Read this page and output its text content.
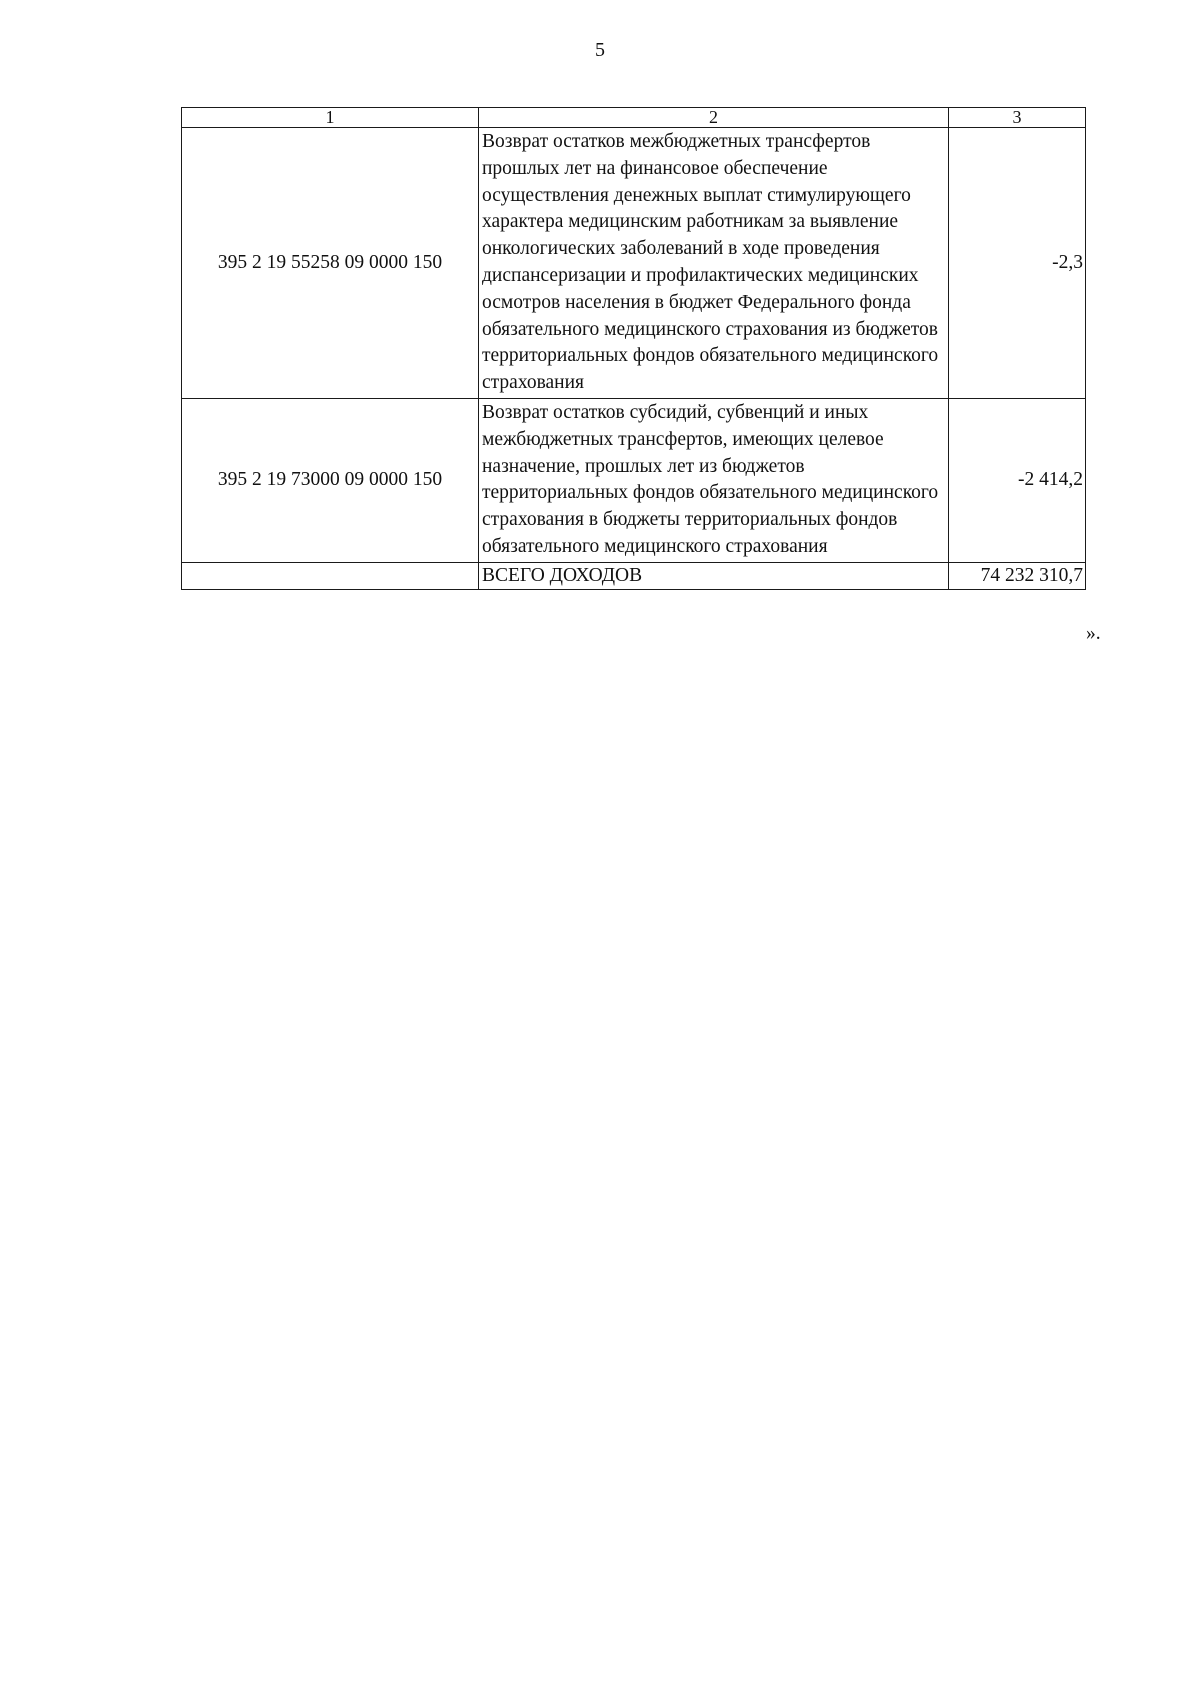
5
1	2	3
395 2 19 55258 09 0000 150	Возврат остатков межбюджетных трансфертов прошлых лет на финансовое обеспечение осуществления денежных выплат стимулирующего характера медицинским работникам за выявление онкологических заболеваний в ходе проведения диспансеризации и профилактических медицинских осмотров населения в бюджет Федерального фонда обязательного медицинского страхования из бюджетов территориальных фондов обязательного медицинского страхования	-2,3
395 2 19 73000 09 0000 150	Возврат остатков субсидий, субвенций и иных межбюджетных трансфертов, имеющих целевое назначение, прошлых лет из бюджетов территориальных фондов обязательного медицинского страхования в бюджеты территориальных фондов обязательного медицинского страхования	-2 414,2
	ВСЕГО ДОХОДОВ	74 232 310,7
».
